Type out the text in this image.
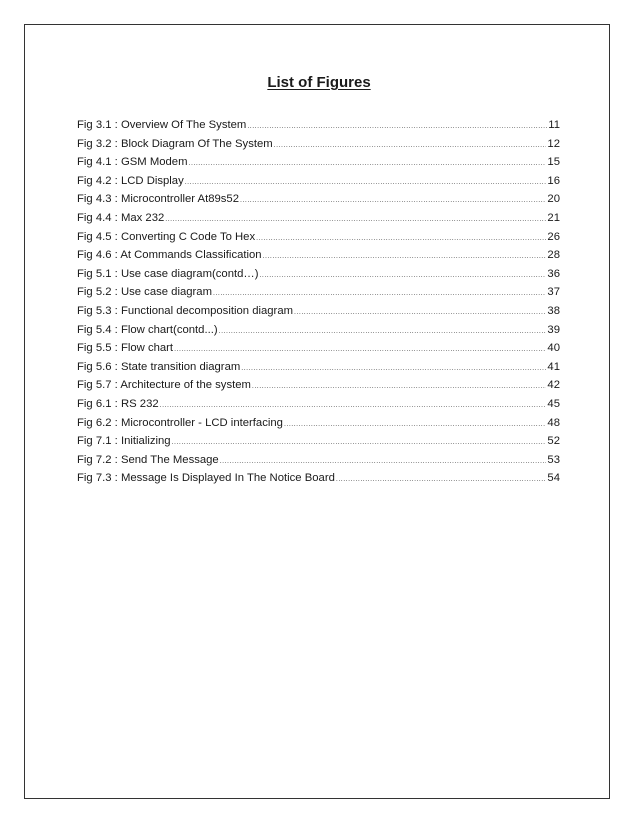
List of Figures
Fig 3.1 : Overview Of The System .....	11
Fig 3.2 : Block Diagram Of The System .....	12
Fig 4.1 : GSM Modem .....	15
Fig 4.2 : LCD Display .....	16
Fig 4.3 : Microcontroller At89s52 .....	20
Fig 4.4 : Max 232 .....	21
Fig 4.5 : Converting C Code To Hex .....	26
Fig 4.6 : At Commands Classification .....	28
Fig 5.1 : Use case diagram(contd…) .....	36
Fig 5.2 : Use case diagram .....	37
Fig 5.3 : Functional decomposition diagram .....	38
Fig 5.4 : Flow chart(contd...) .....	39
Fig 5.5 : Flow chart .....	40
Fig 5.6 : State transition diagram .....	41
Fig 5.7 : Architecture of the system .....	42
Fig 6.1 : RS 232 .....	45
Fig 6.2 : Microcontroller - LCD interfacing .....	48
Fig 7.1 : Initializing .....	52
Fig 7.2 : Send The Message .....	53
Fig 7.3 : Message Is Displayed In The Notice Board .....	54
